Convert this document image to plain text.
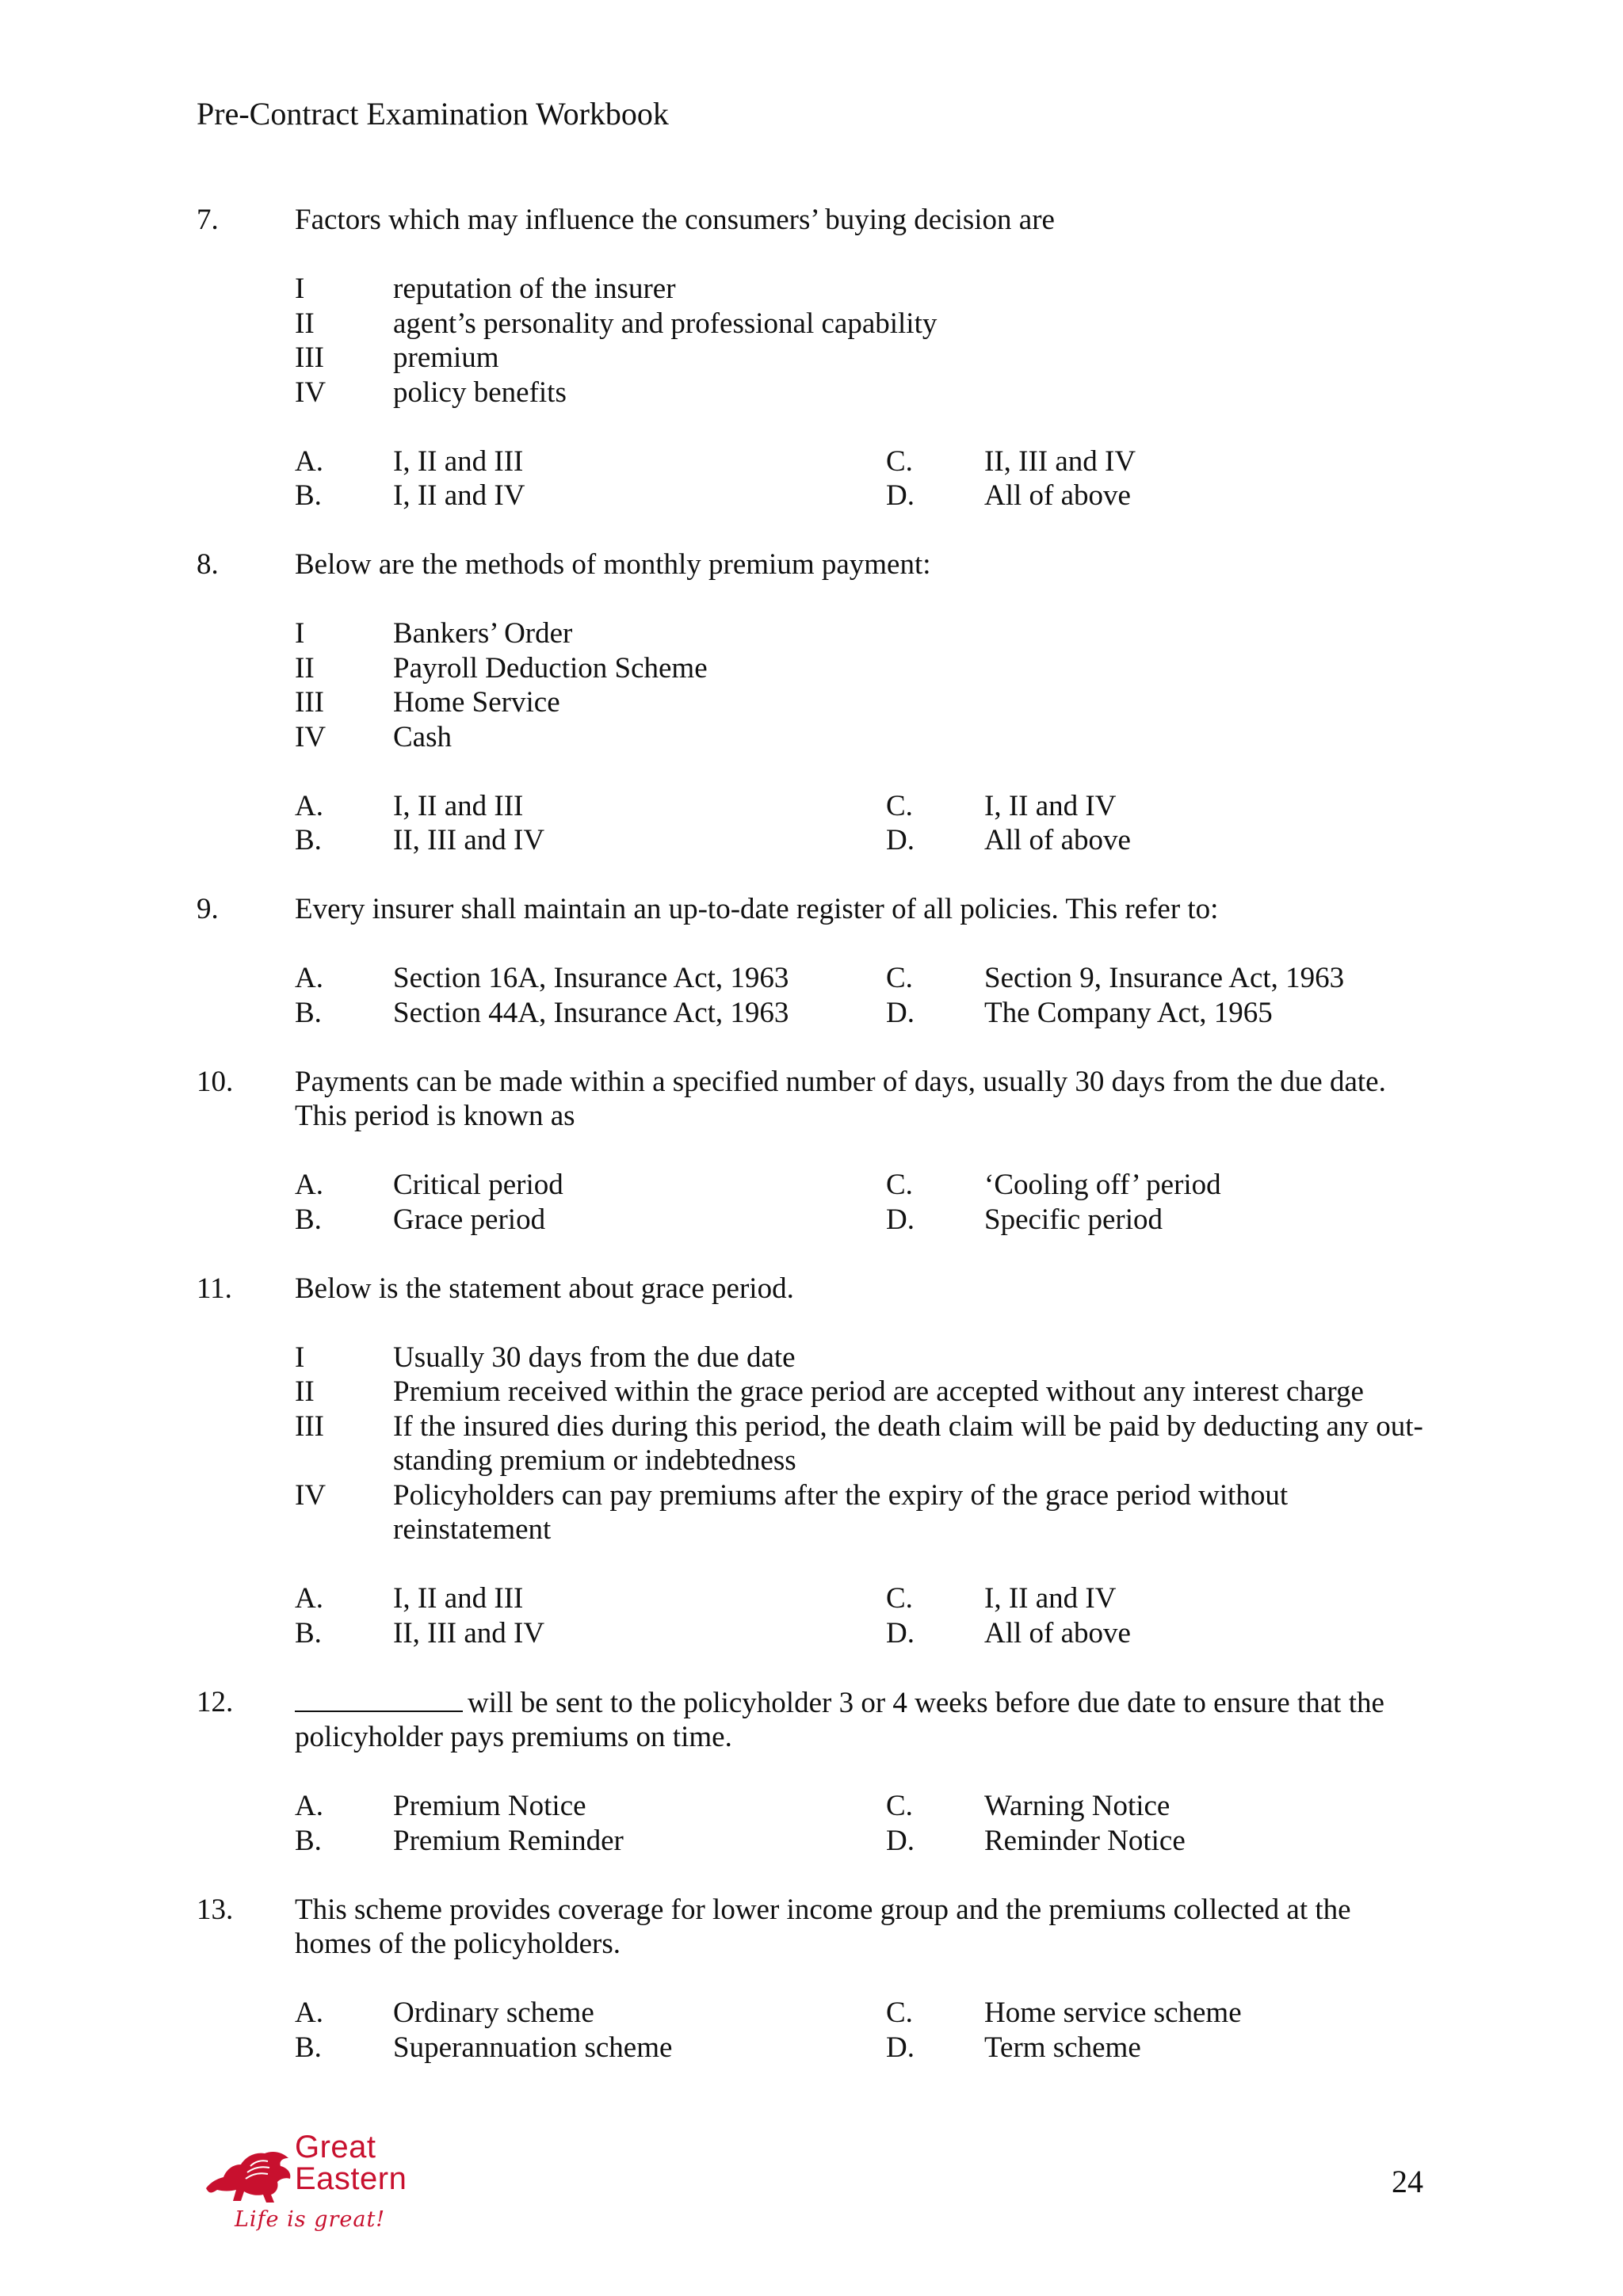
Pre-Contract Examination Workbook
7.	Factors which may influence the consumers’ buying decision are
I	reputation of the insurer
II	agent’s personality and professional capability
III	premium
IV	policy benefits
A.	I, II and III	C.	II, III and IV
B.	I, II and IV	D.	All of above
8.	Below are the methods of monthly premium payment:
I	Bankers’ Order
II	Payroll Deduction Scheme
III	Home Service
IV	Cash
A.	I, II and III	C.	I, II and IV
B.	II, III and IV	D.	All of above
9.	Every insurer shall maintain an up-to-date register of all policies. This refer to:
A.	Section 16A, Insurance Act, 1963	C.	Section 9, Insurance Act, 1963
B.	Section 44A, Insurance Act, 1963	D.	The Company Act, 1965
10. Payments can be made within a specified number of days, usually 30 days from the due date. This period is known as
A.	Critical period	C.	‘Cooling off’ period
B.	Grace period	D.	Specific period
11. Below is the statement about grace period.
I	Usually 30 days from the due date
II	Premium received within the grace period are accepted without any interest charge
III	If the insured dies during this period, the death claim will be paid by deducting any out-standing premium or indebtedness
IV	Policyholders can pay premiums after the expiry of the grace period without reinstatement
A.	I, II and III	C.	I, II and IV
B.	II, III and IV	D.	All of above
12.	will be sent to the policyholder 3 or 4 weeks before due date to ensure that the policyholder pays premiums on time.
A.	Premium Notice	C.	Warning Notice
B.	Premium Reminder	D.	Reminder Notice
13. This scheme provides coverage for lower income group and the premiums collected at the homes of the policyholders.
A.	Ordinary scheme	C.	Home service scheme
B.	Superannuation scheme	D.	Term scheme
Great
Eastern
Life is great!
24
